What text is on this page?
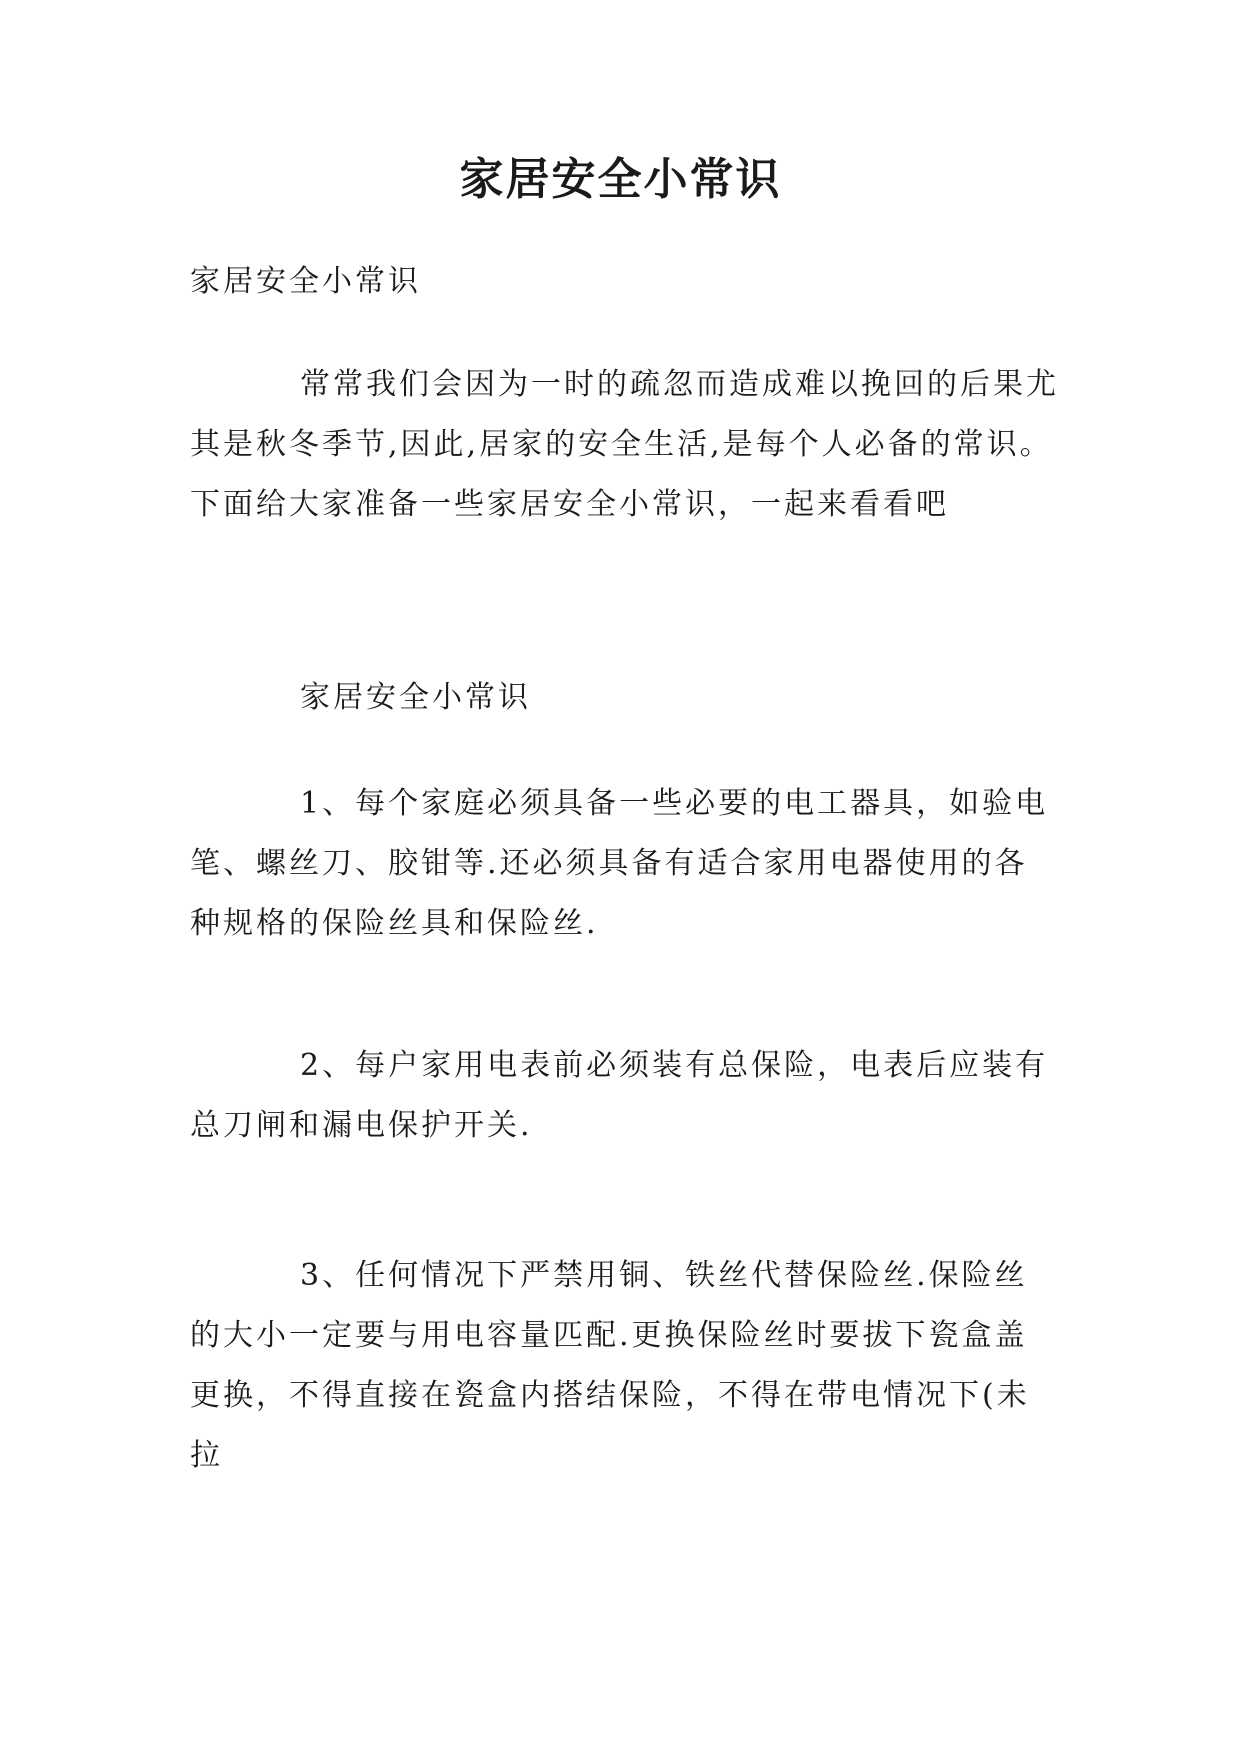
家居安全小常识

家居安全小常识

常常我们会因为一时的疏忽而造成难以挽回的后果尤其是秋冬季节,因此,居家的安全生活,是每个人必备的常识。下面给大家准备一些家居安全小常识，一起来看看吧

家居安全小常识

1、每个家庭必须具备一些必要的电工器具，如验电笔、螺丝刀、胶钳等.还必须具备有适合家用电器使用的各种规格的保险丝具和保险丝.

2、每户家用电表前必须装有总保险，电表后应装有总刀闸和漏电保护开关.

3、任何情况下严禁用铜、铁丝代替保险丝.保险丝的大小一定要与用电容量匹配.更换保险丝时要拔下瓷盒盖更换，不得直接在瓷盒内搭结保险，不得在带电情况下(未拉
